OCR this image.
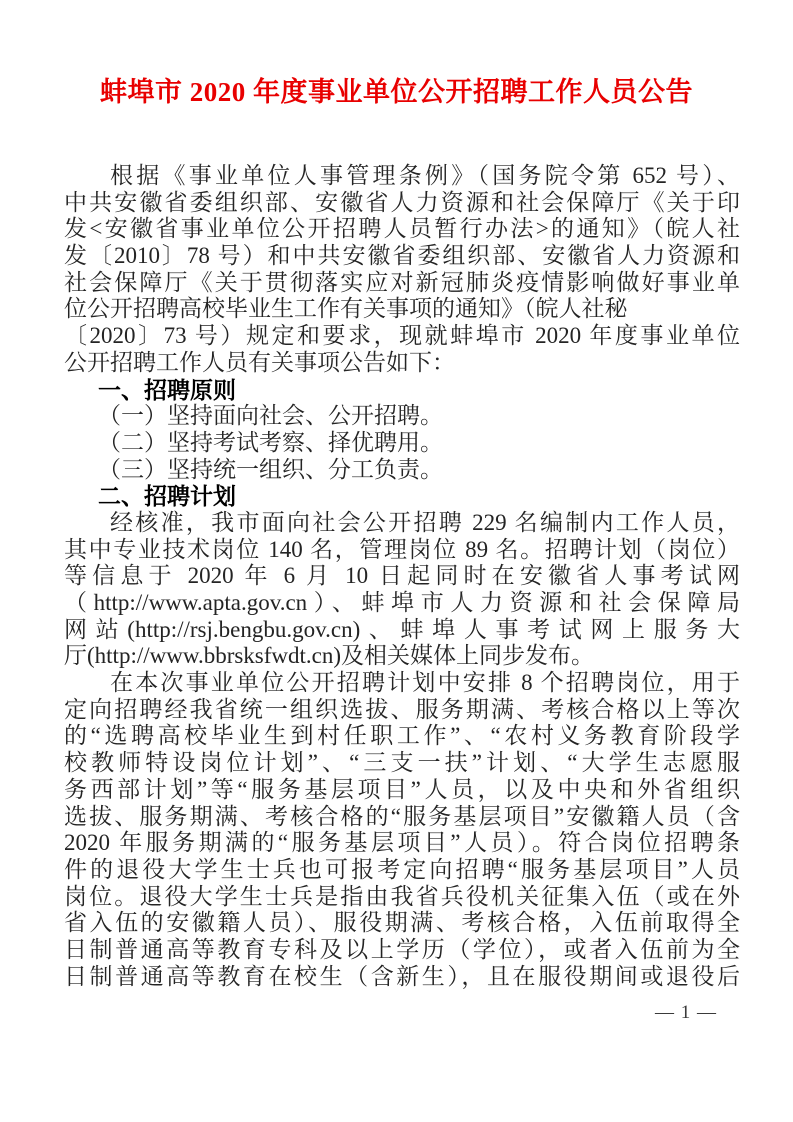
蚌埠市 2020 年度事业单位公开招聘工作人员公告
根据《事业单位人事管理条例》（国务院令第 652 号）、
中共安徽省委组织部、安徽省人力资源和社会保障厅《关于印
发<安徽省事业单位公开招聘人员暂行办法>的通知》（皖人社
发〔2010〕78 号）和中共安徽省委组织部、安徽省人力资源和
社会保障厅《关于贯彻落实应对新冠肺炎疫情影响做好事业单
位公开招聘高校毕业生工作有关事项的通知》（皖人社秘
〔2020〕73 号）规定和要求，现就蚌埠市 2020 年度事业单位
公开招聘工作人员有关事项公告如下：
一、招聘原则
（一）坚持面向社会、公开招聘。
（二）坚持考试考察、择优聘用。
（三）坚持统一组织、分工负责。
二、招聘计划
经核准，我市面向社会公开招聘 229 名编制内工作人员，
其中专业技术岗位 140 名，管理岗位 89 名。招聘计划（岗位）
等信息于 2020 年 6 月 10 日起同时在安徽省人事考试网
（http://www.apta.gov.cn）、蚌埠市人力资源和社会保障局
网站(http://rsj.bengbu.gov.cn)、蚌埠人事考试网上服务大
厅(http://www.bbrsksfwdt.cn)及相关媒体上同步发布。
在本次事业单位公开招聘计划中安排 8 个招聘岗位，用于
定向招聘经我省统一组织选拔、服务期满、考核合格以上等次
的“选聘高校毕业生到村任职工作”、“农村义务教育阶段学
校教师特设岗位计划”、“三支一扶”计划、“大学生志愿服
务西部计划”等“服务基层项目”人员，以及中央和外省组织
选拔、服务期满、考核合格的“服务基层项目”安徽籍人员（含
2020 年服务期满的“服务基层项目”人员）。符合岗位招聘条
件的退役大学生士兵也可报考定向招聘“服务基层项目”人员
岗位。退役大学生士兵是指由我省兵役机关征集入伍（或在外
省入伍的安徽籍人员）、服役期满、考核合格，入伍前取得全
日制普通高等教育专科及以上学历（学位），或者入伍前为全
日制普通高等教育在校生（含新生），且在服役期间或退役后
— 1 —
